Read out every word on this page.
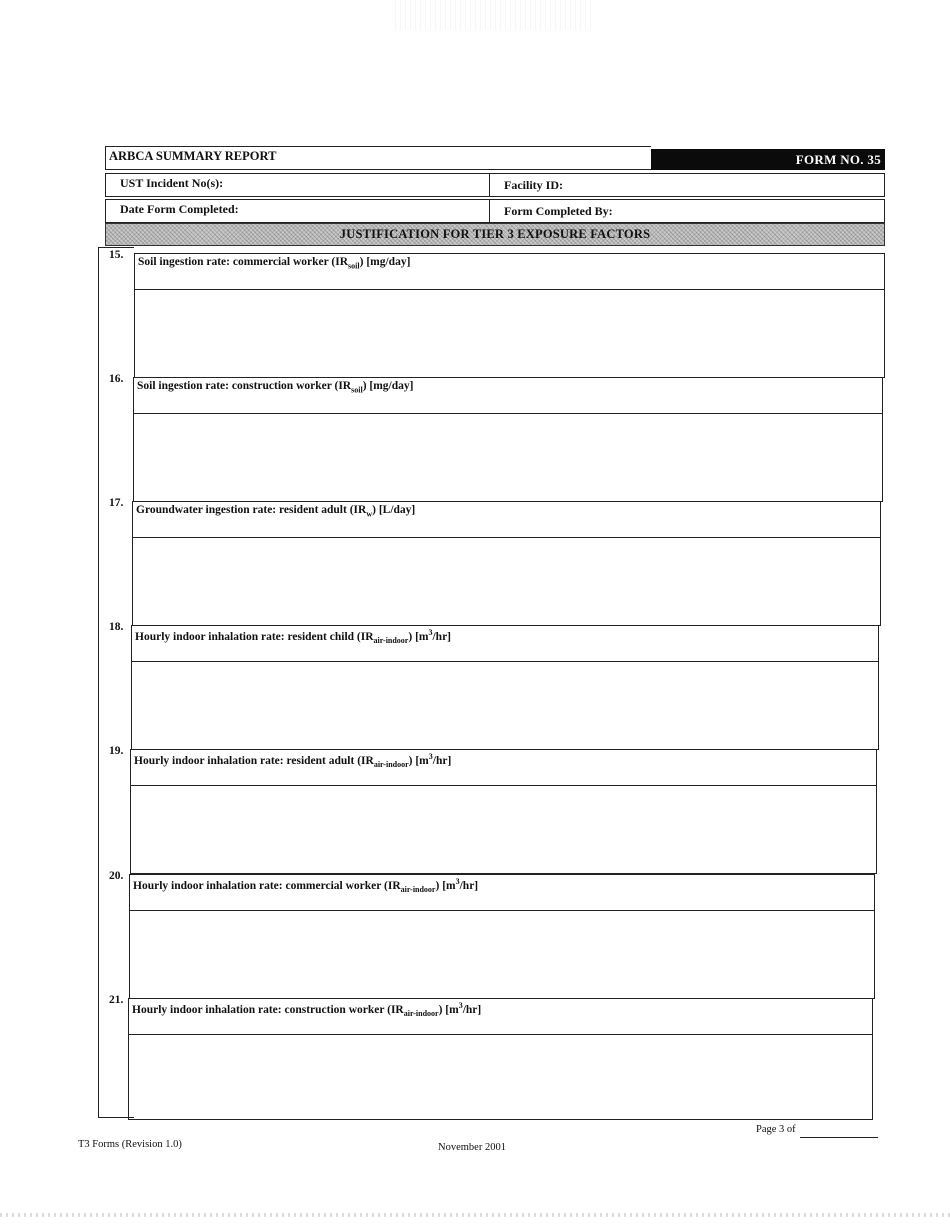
ARBCA SUMMARY REPORT	FORM NO. 35
UST Incident No(s):	Facility ID:
Date Form Completed:	Form Completed By:
JUSTIFICATION FOR TIER 3 EXPOSURE FACTORS
15.
Soil ingestion rate: commercial worker $(IR_{soil})$ [mg/day]
16.
Soil ingestion rate: construction worker $(IR_{soil})$ [mg/day]
17.
Groundwater ingestion rate: resident adult $(IR_w)$ [L/day]
18.
Hourly indoor inhalation rate: resident child $(IR_{air-indoor})$ $[m^3/hr]$
19.
Hourly indoor inhalation rate: resident adult $(IR_{air-indoor})$ $[m^3/hr]$
20.
Hourly indoor inhalation rate: commercial worker $(IR_{air-indoor})$ $[m^3/hr]$
21.
Hourly indoor inhalation rate: construction worker $(IR_{air-indoor})$ $[m^3/hr]$
T3 Forms (Revision 1.0)	November 2001
Page 3 of
